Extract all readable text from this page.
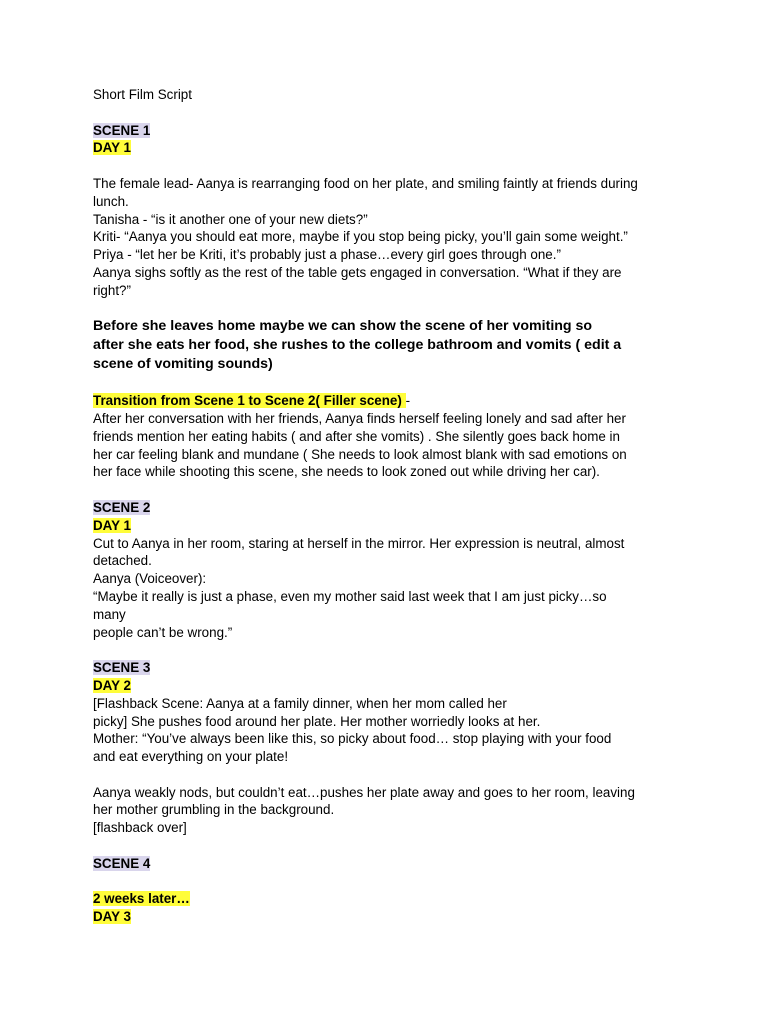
Short Film Script

SCENE 1

DAY 1

The female lead- Aanya is rearranging food on her plate, and smiling faintly at friends during

lunch.

Tanisha - “is it another one of your new diets?”

Kriti- “Aanya you should eat more, maybe if you stop being picky, you’ll gain some weight.”

Priya - “let her be Kriti, it’s probably just a phase…every girl goes through one.”

Aanya sighs softly as the rest of the table gets engaged in conversation. “What if they are

right?”

Before she leaves home maybe we can show the scene of her vomiting so

after she eats her food, she rushes to the college bathroom and vomits ( edit a

scene of vomiting sounds)

Transition from Scene 1 to Scene 2( Filler scene) -

After her conversation with her friends, Aanya finds herself feeling lonely and sad after her

friends mention her eating habits ( and after she vomits) . She silently goes back home in

her car feeling blank and mundane ( She needs to look almost blank with sad emotions on

her face while shooting this scene, she needs to look zoned out while driving her car).

SCENE 2

DAY 1

Cut to Aanya in her room, staring at herself in the mirror. Her expression is neutral, almost

detached.

Aanya (Voiceover):

“Maybe it really is just a phase, even my mother said last week that I am just picky…so

many

people can’t be wrong.”

SCENE 3

DAY 2

[Flashback Scene: Aanya at a family dinner, when her mom called her

picky] She pushes food around her plate. Her mother worriedly looks at her.

Mother: “You’ve always been like this, so picky about food… stop playing with your food

and eat everything on your plate!

Aanya weakly nods, but couldn’t eat…pushes her plate away and goes to her room, leaving

her mother grumbling in the background.

[flashback over]

SCENE 4

2 weeks later…

DAY 3
